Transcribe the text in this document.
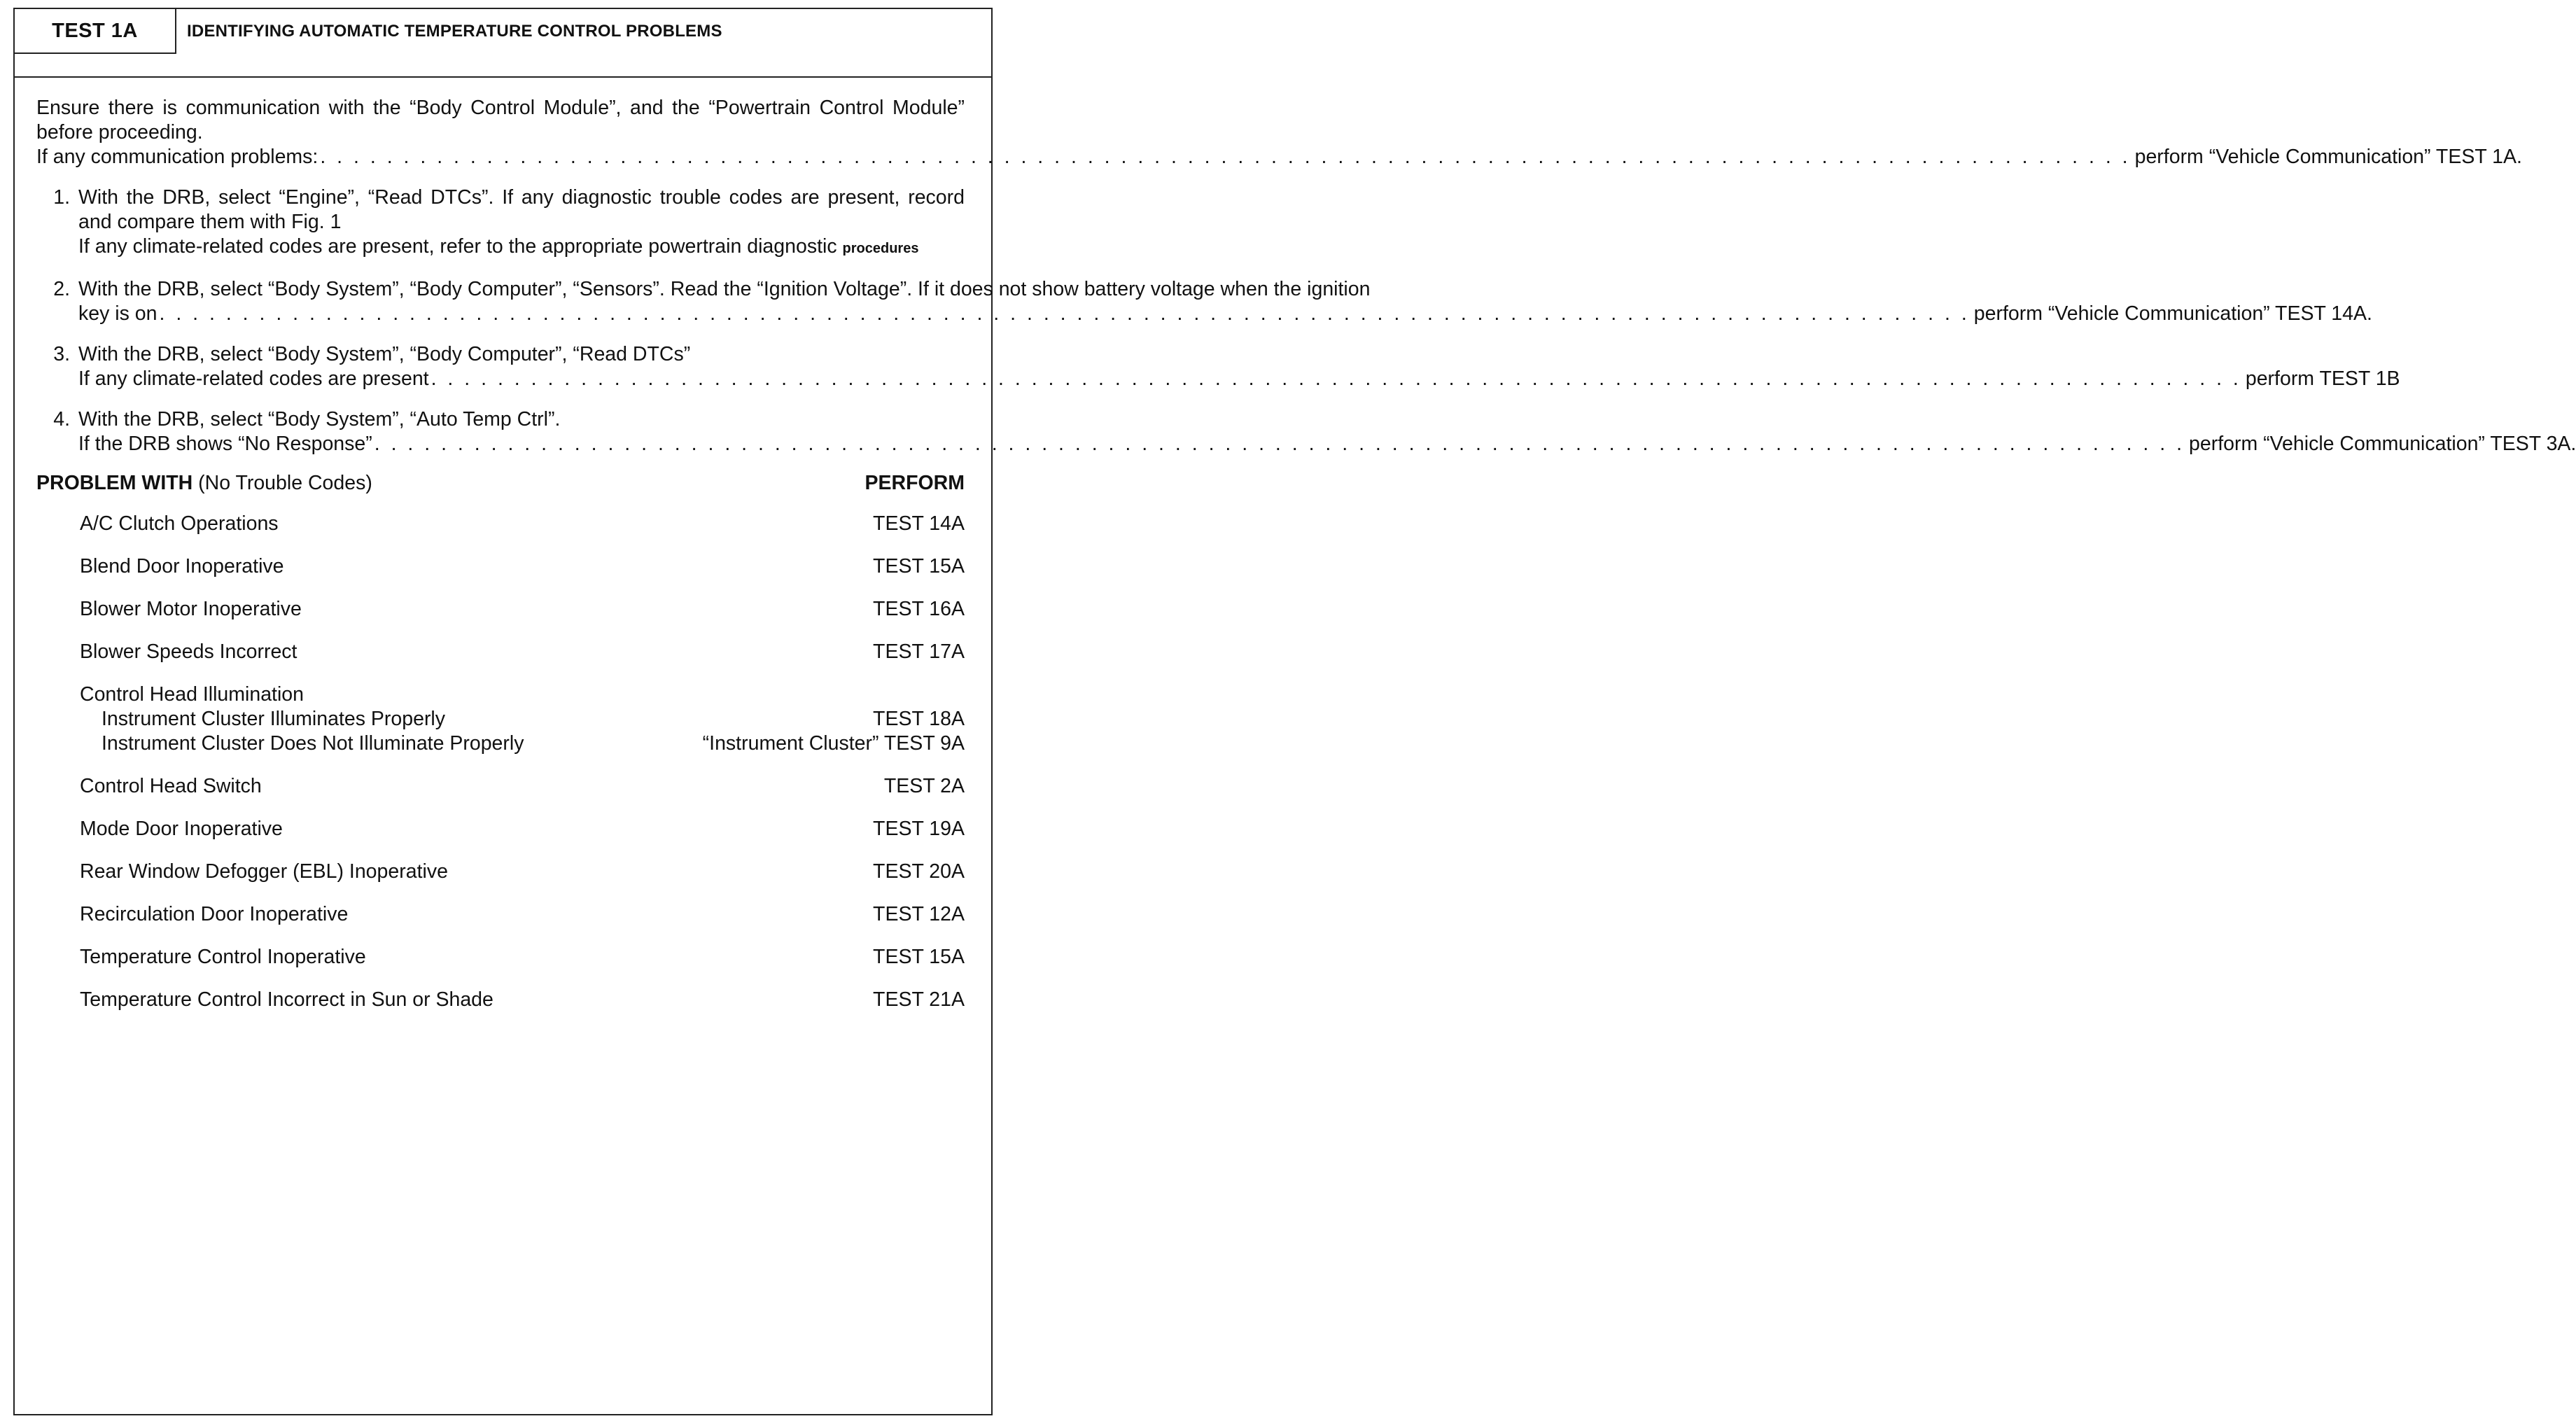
TEST 1A	IDENTIFYING AUTOMATIC TEMPERATURE CONTROL PROBLEMS
Ensure there is communication with the “Body Control Module”, and the “Powertrain Control Module” before proceeding.
If any communication problems: . . .	perform “Vehicle Communication” TEST 1A.
1. With the DRB, select “Engine”, “Read DTCs”. If any diagnostic trouble codes are present, record and compare them with Fig. 1
If any climate-related codes are present, refer to the appropriate powertrain diagnostic procedures
2. With the DRB, select “Body System”, “Body Computer”, “Sensors”. Read the “Ignition Voltage”. If it does not show battery voltage when the ignition
key is on . . .	perform “Vehicle Communication” TEST 14A.
3. With the DRB, select “Body System”, “Body Computer”, “Read DTCs”
If any climate-related codes are present . . .	perform TEST 1B
4. With the DRB, select “Body System”, “Auto Temp Ctrl”.
If the DRB shows “No Response” . . .	perform “Vehicle Communication” TEST 3A.
PROBLEM WITH (No Trouble Codes)	PERFORM
A/C Clutch Operations	TEST 14A
Blend Door Inoperative	TEST 15A
Blower Motor Inoperative	TEST 16A
Blower Speeds Incorrect	TEST 17A
Control Head Illumination
Instrument Cluster Illuminates Properly	TEST 18A
Instrument Cluster Does Not Illuminate Properly	“Instrument Cluster” TEST 9A
Control Head Switch	TEST 2A
Mode Door Inoperative	TEST 19A
Rear Window Defogger (EBL) Inoperative	TEST 20A
Recirculation Door Inoperative	TEST 12A
Temperature Control Inoperative	TEST 15A
Temperature Control Incorrect in Sun or Shade	TEST 21A
